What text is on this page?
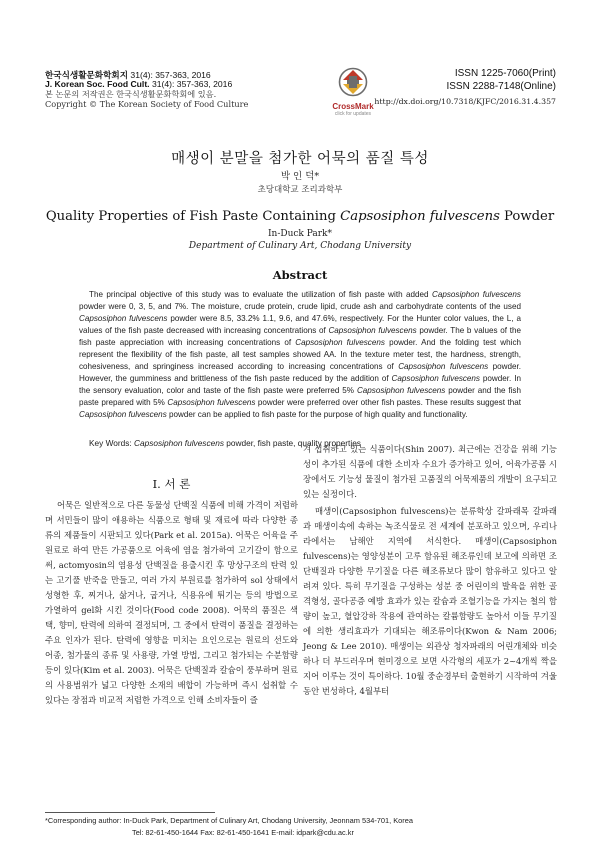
한국식생활문화학회지 31(4): 357-363, 2016
J. Korean Soc. Food Cult. 31(4): 357-363, 2016
본 논문의 저작권은 한국식생활문화학회에 있음.
Copyright © The Korean Society of Food Culture	CrossMark
click for updates
ISSN 1225-7060(Print)
ISSN 2288-7148(Online)
http://dx.doi.org/10.7318/KJFC/2016.31.4.357
매생이 분말을 첨가한 어묵의 품질 특성
박 인 덕*
초당대학교 조리과학부
Quality Properties of Fish Paste Containing Capsosiphon fulvescens Powder
In-Duck Park*
Department of Culinary Art, Chodang University
Abstract
The principal objective of this study was to evaluate the utilization of fish paste with added Capsosiphon fulvescens powder were 0, 3, 5, and 7%. The moisture, crude protein, crude lipid, crude ash and carbohydrate contents of the used Capsosiphon fulvescens powder were 8.5, 33.2% 1.1, 9.6, and 47.6%, respectively. For the Hunter color values, the L, a values of the fish paste decreased with increasing concentrations of Capsosiphon fulvescens powder. The b values of the fish paste appreciation with increasing concentrations of Capsosiphon fulvescens powder. And the folding test which represent the flexibility of the fish paste, all test samples showed AA. In the texture meter test, the hardness, strength, cohesiveness, and springiness increased according to increasing concentrations of Capsosiphon fulvescens powder. However, the gumminess and brittleness of the fish paste reduced by the addition of Capsosiphon fulvescens powder. In the sensory evaluation, color and taste of the fish paste were preferred 5% Capsosiphon fulvescens powder and the fish paste prepared with 5% Capsosiphon fulvescens powder were preferred over other fish pastes. These results suggest that Capsosiphon fulvescens powder can be applied to fish paste for the purpose of high quality and functionality.
Key Words: Capsosiphon fulvescens powder, fish paste, quality properties
Ⅰ. 서 론

어묵은 일반적으로 다른 동물성 단백질 식품에 비해 가격이 저렴하며 서민들이 많이 애용하는 식품으로 형태 및 재료에 따라 다양한 종류의 제품들이 시판되고 있다(Park et al. 2015a). 어묵은 어육을 주원료로 하여 만든 가공품으로 어육에 염을 첨가하여 고기갈이 함으로써, actomyosin의 염용성 단백질을 용출시킨 후 망상구조의 탄력 있는 고기풀 반죽을 만들고, 여러 가지 부원료를 첨가하여 sol 상태에서 성형한 후, 찌거나, 삶거나, 굽거나, 식용유에 튀기는 등의 방법으로 가열하여 gel화 시킨 것이다(Food code 2008). 어묵의 품질은 색택, 향미, 탄력에 의하여 결정되며, 그 중에서 탄력이 품질을 결정하는 주요 인자가 된다. 탄력에 영향을 미치는 요인으로는 원료의 선도와 어종, 첨가물의 종류 및 사용량, 가열 방법, 그리고 첨가되는 수분함량 등이 있다(Kim et al. 2003). 어묵은 단백질과 칼슘이 풍부하며 원료의 사용범위가 넓고 다양한 소재의 배합이 가능하며 즉시 섭취할 수 있다는 장점과 비교적 저렴한 가격으로 인해 소비자들이 즐

겨 섭취하고 있는 식품이다(Shin 2007). 최근에는 건강을 위해 기능성이 추가된 식품에 대한 소비자 수요가 증가하고 있어, 어육가공품 시장에서도 기능성 물질이 첨가된 고품질의 어묵제품의 개발이 요구되고 있는 실정이다.

매생이(Capsosiphon fulvescens)는 분류학상 갈파래목 갈파래과 매생이속에 속하는 녹조식물로 전 세계에 분포하고 있으며, 우리나라에서는 남해안 지역에 서식한다. 매생이(Capsosiphon fulvescens)는 영양성분이 고루 함유된 해조류인데 보고에 의하면 조단백질과 다양한 무기질을 다른 해조류보다 많이 함유하고 있다고 알려져 있다. 특히 무기질을 구성하는 성분 중 어린이의 발육을 위한 골격형성, 골다공증 예방 효과가 있는 칼슘과 조혈기능을 가지는 철의 함량이 높고, 혈압강하 작용에 관여하는 칼륨함량도 높아서 이들 무기질에 의한 생리효과가 기대되는 해조류이다(Kwon & Nam 2006; Jeong & Lee 2010). 매생이는 외관상 청자파래의 어린개체와 비슷하나 더 부드러우며 현미경으로 보면 사각형의 세포가 2~4개씩 짝을 지어 이루는 것이 특이하다. 10월 중순경부터 출현하기 시작하여 겨울 동안 번성하다, 4월부터

*Corresponding author: In-Duck Park, Department of Culinary Art, Chodang University, Jeonnam 534-701, Korea
Tel: 82-61-450-1644 Fax: 82-61-450-1641 E-mail: idpark@cdu.ac.kr
